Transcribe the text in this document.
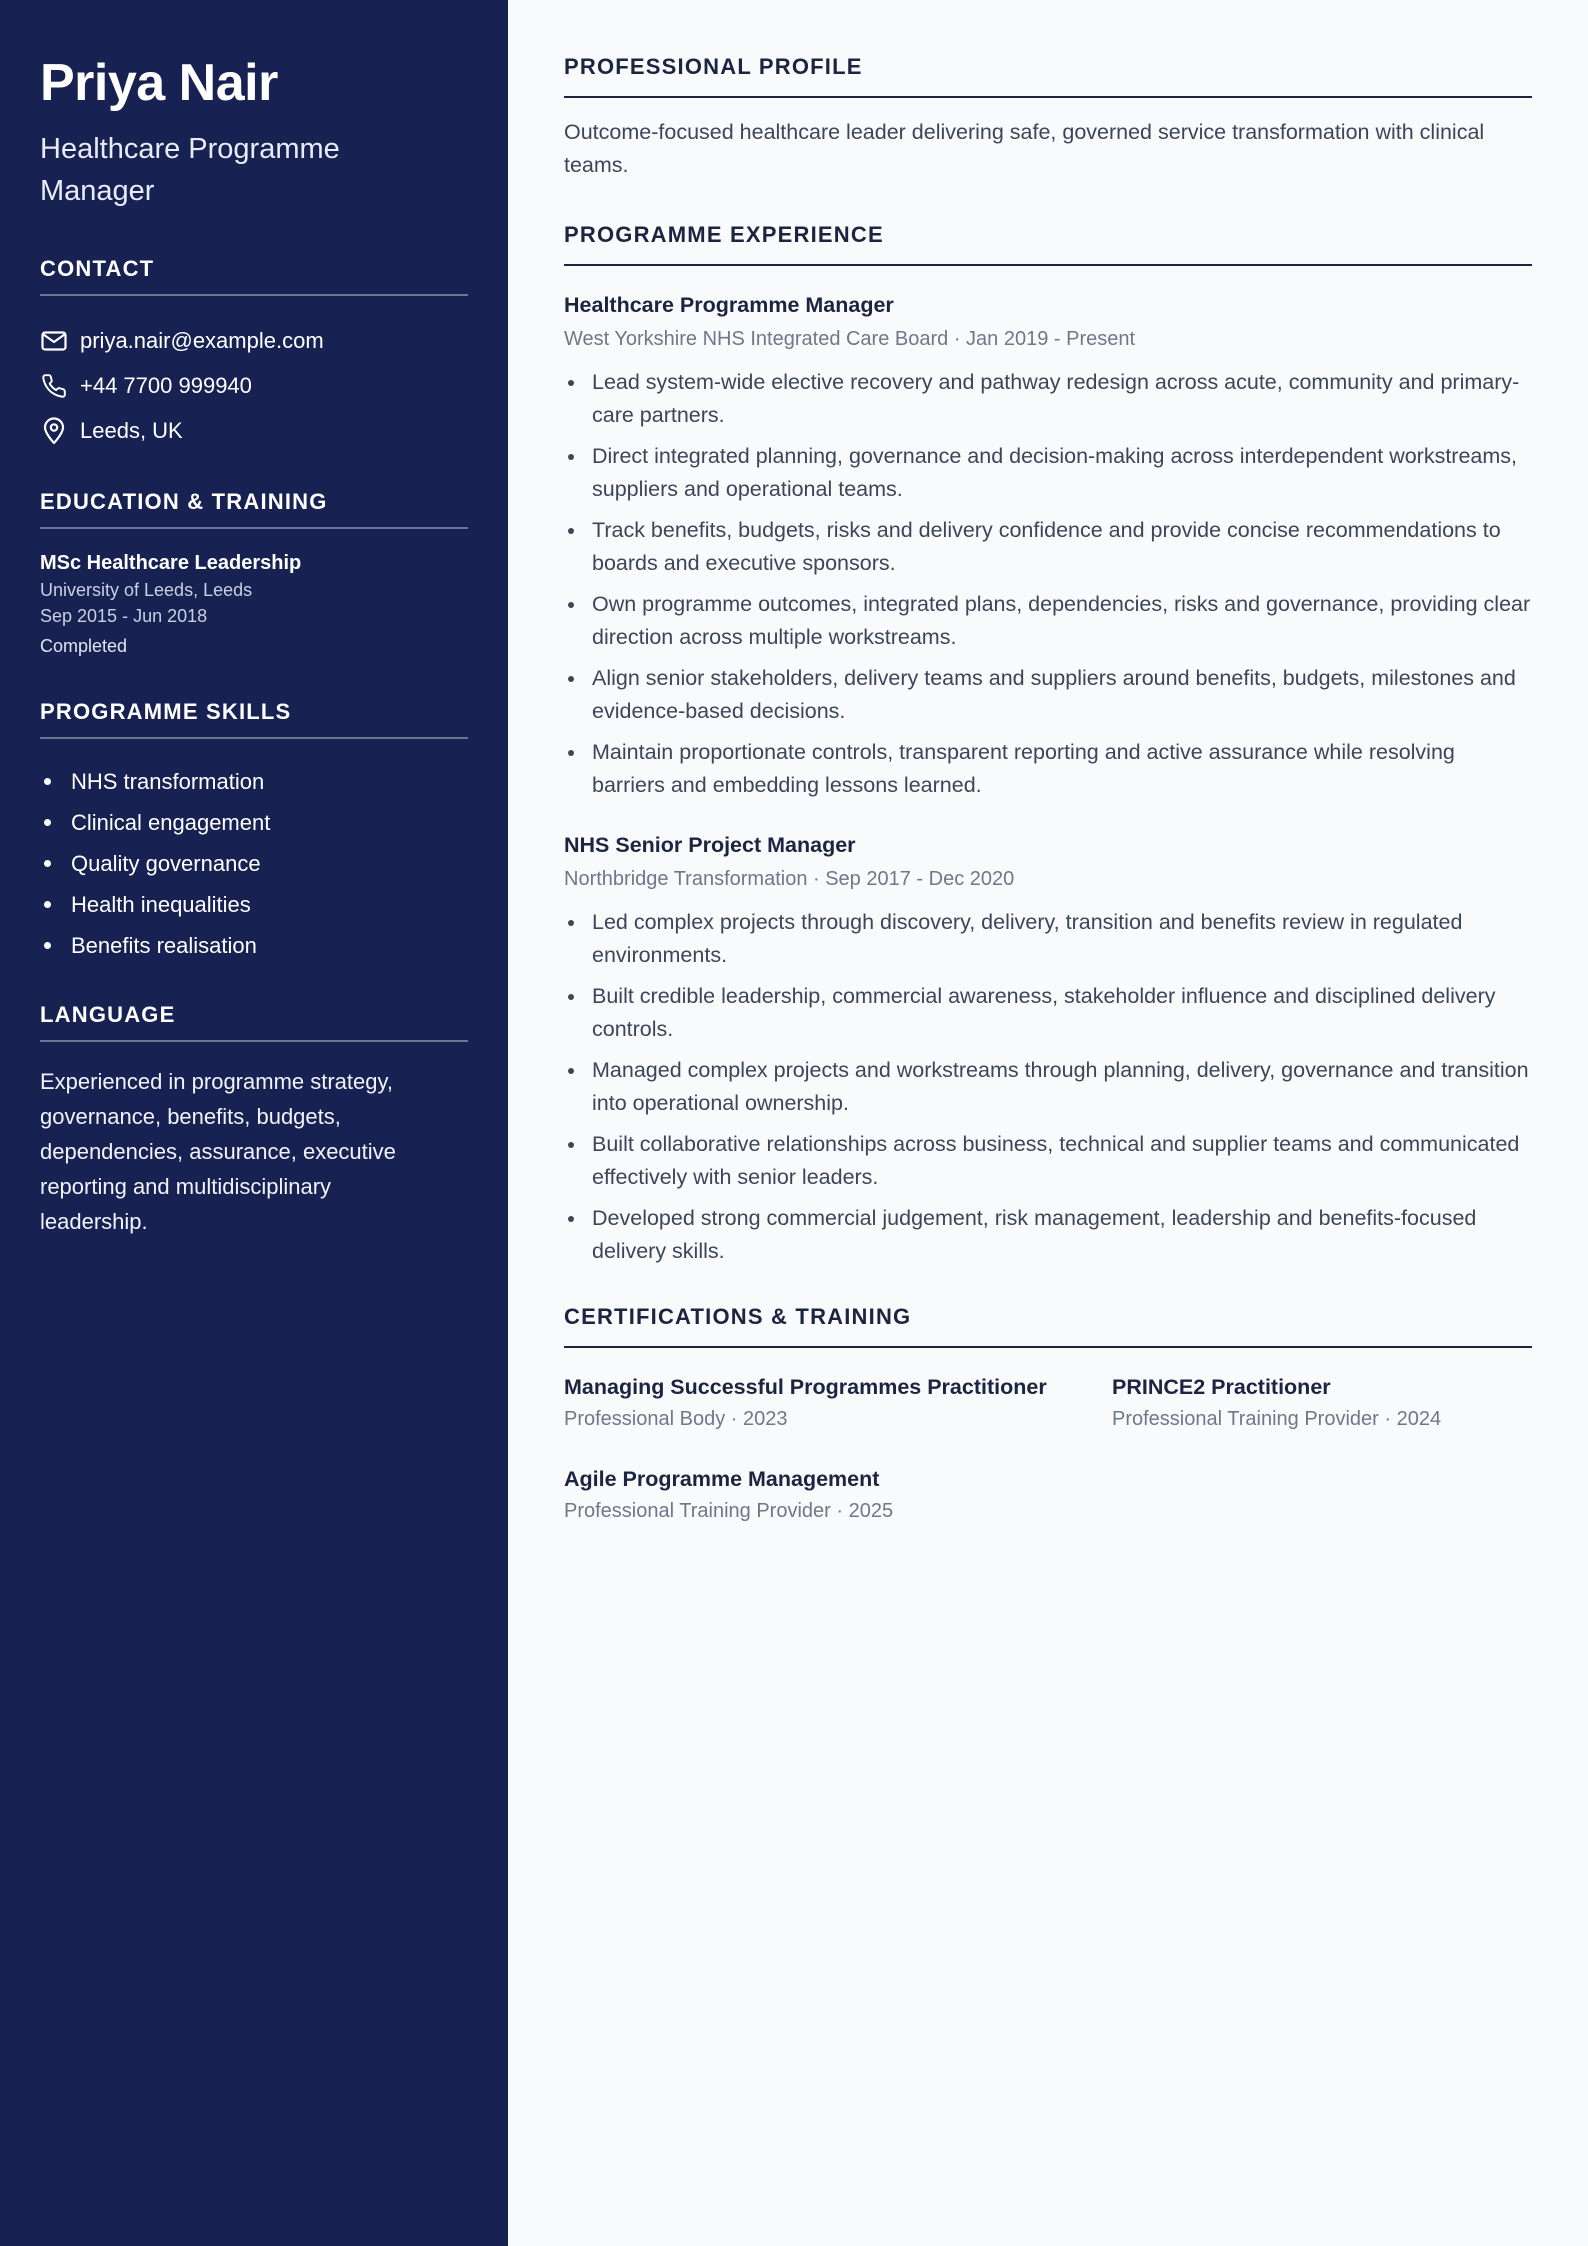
Priya Nair
Healthcare Programme Manager
CONTACT
priya.nair@example.com
+44 7700 999940
Leeds, UK
EDUCATION & TRAINING
MSc Healthcare Leadership
University of Leeds, Leeds
Sep 2015 - Jun 2018
Completed
PROGRAMME SKILLS
NHS transformation
Clinical engagement
Quality governance
Health inequalities
Benefits realisation
LANGUAGE

Experienced in programme strategy, governance, benefits, budgets, dependencies, assurance, executive reporting and multidisciplinary leadership.

PROFESSIONAL PROFILE

Outcome-focused healthcare leader delivering safe, governed service transformation with clinical teams.

PROGRAMME EXPERIENCE
Healthcare Programme Manager
West Yorkshire NHS Integrated Care Board · Jan 2019 - Present
Lead system-wide elective recovery and pathway redesign across acute, community and primary-care partners.
Direct integrated planning, governance and decision-making across interdependent workstreams, suppliers and operational teams.
Track benefits, budgets, risks and delivery confidence and provide concise recommendations to boards and executive sponsors.
Own programme outcomes, integrated plans, dependencies, risks and governance, providing clear direction across multiple workstreams.
Align senior stakeholders, delivery teams and suppliers around benefits, budgets, milestones and evidence-based decisions.
Maintain proportionate controls, transparent reporting and active assurance while resolving barriers and embedding lessons learned.
NHS Senior Project Manager
Northbridge Transformation · Sep 2017 - Dec 2020
Led complex projects through discovery, delivery, transition and benefits review in regulated environments.
Built credible leadership, commercial awareness, stakeholder influence and disciplined delivery controls.
Managed complex projects and workstreams through planning, delivery, governance and transition into operational ownership.
Built collaborative relationships across business, technical and supplier teams and communicated effectively with senior leaders.
Developed strong commercial judgement, risk management, leadership and benefits-focused delivery skills.
CERTIFICATIONS & TRAINING
Managing Successful Programmes Practitioner
Professional Body · 2023
PRINCE2 Practitioner
Professional Training Provider · 2024
Agile Programme Management
Professional Training Provider · 2025
